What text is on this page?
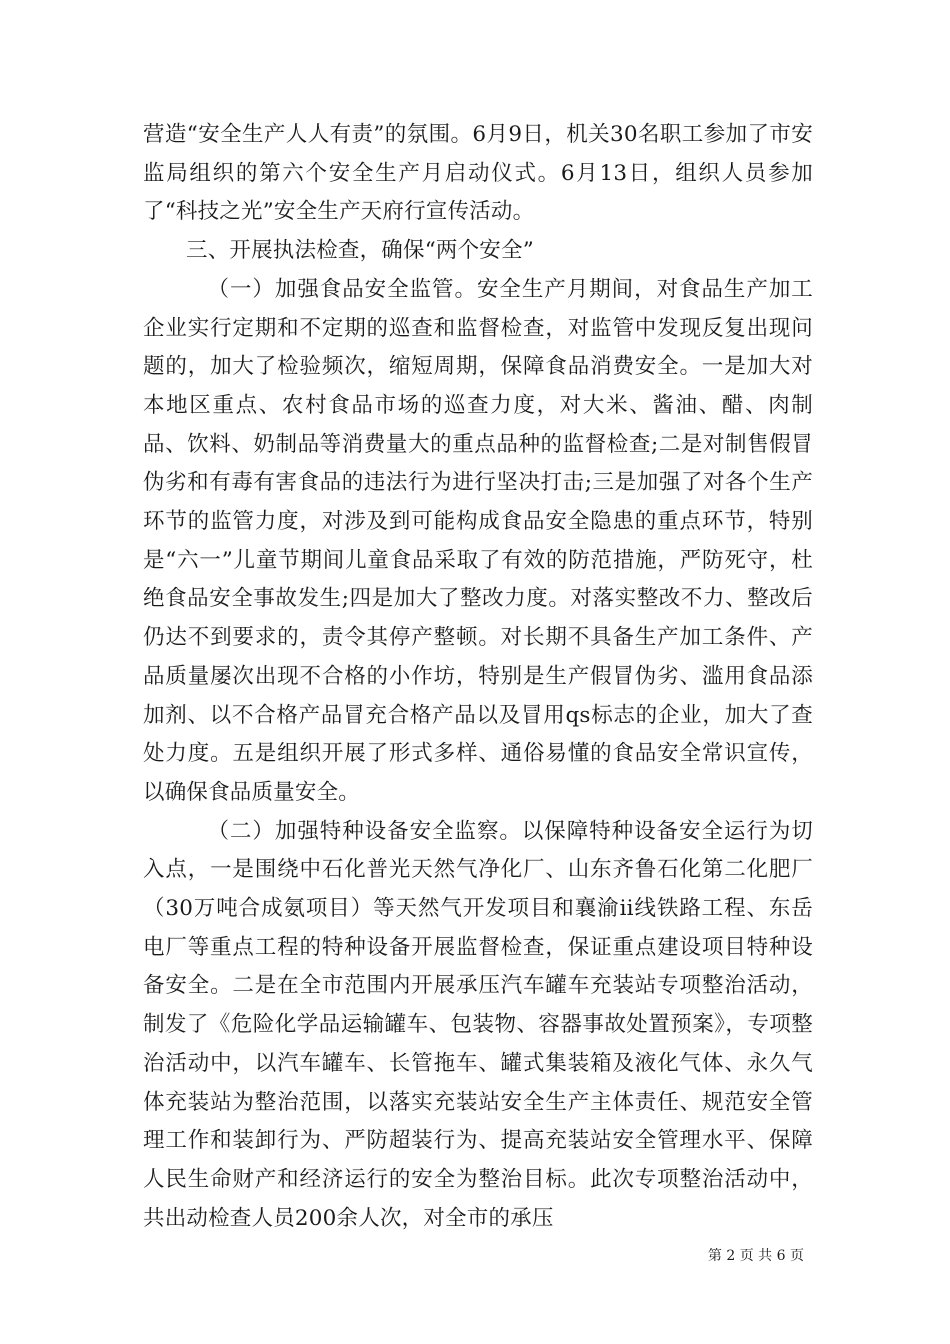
营造“安全生产人人有责”的氛围。6月9日，机关30名职工参加了市安监局组织的第六个安全生产月启动仪式。6月13日，组织人员参加了“科技之光”安全生产天府行宣传活动。

三、开展执法检查，确保“两个安全”

（一）加强食品安全监管。安全生产月期间，对食品生产加工企业实行定期和不定期的巡查和监督检查，对监管中发现反复出现问题的，加大了检验频次，缩短周期，保障食品消费安全。一是加大对本地区重点、农村食品市场的巡查力度，对大米、酱油、醋、肉制品、饮料、奶制品等消费量大的重点品种的监督检查;二是对制售假冒伪劣和有毒有害食品的违法行为进行坚决打击;三是加强了对各个生产环节的监管力度，对涉及到可能构成食品安全隐患的重点环节，特别是“六一”儿童节期间儿童食品采取了有效的防范措施，严防死守，杜绝食品安全事故发生;四是加大了整改力度。对落实整改不力、整改后仍达不到要求的，责令其停产整顿。对长期不具备生产加工条件、产品质量屡次出现不合格的小作坊，特别是生产假冒伪劣、滥用食品添加剂、以不合格产品冒充合格产品以及冒用qs标志的企业，加大了查处力度。五是组织开展了形式多样、通俗易懂的食品安全常识宣传，以确保食品质量安全。

（二）加强特种设备安全监察。以保障特种设备安全运行为切入点，一是围绕中石化普光天然气净化厂、山东齐鲁石化第二化肥厂（30万吨合成氨项目）等天然气开发项目和襄渝ii线铁路工程、东岳电厂等重点工程的特种设备开展监督检查，保证重点建设项目特种设备安全。二是在全市范围内开展承压汽车罐车充装站专项整治活动，制发了《危险化学品运输罐车、包装物、容器事故处置预案》，专项整治活动中，以汽车罐车、长管拖车、罐式集装箱及液化气体、永久气体充装站为整治范围，以落实充装站安全生产主体责任、规范安全管理工作和装卸行为、严防超装行为、提高充装站安全管理水平、保障人民生命财产和经济运行的安全为整治目标。此次专项整治活动中，共出动检查人员200余人次，对全市的承压

第 2 页 共 6 页
